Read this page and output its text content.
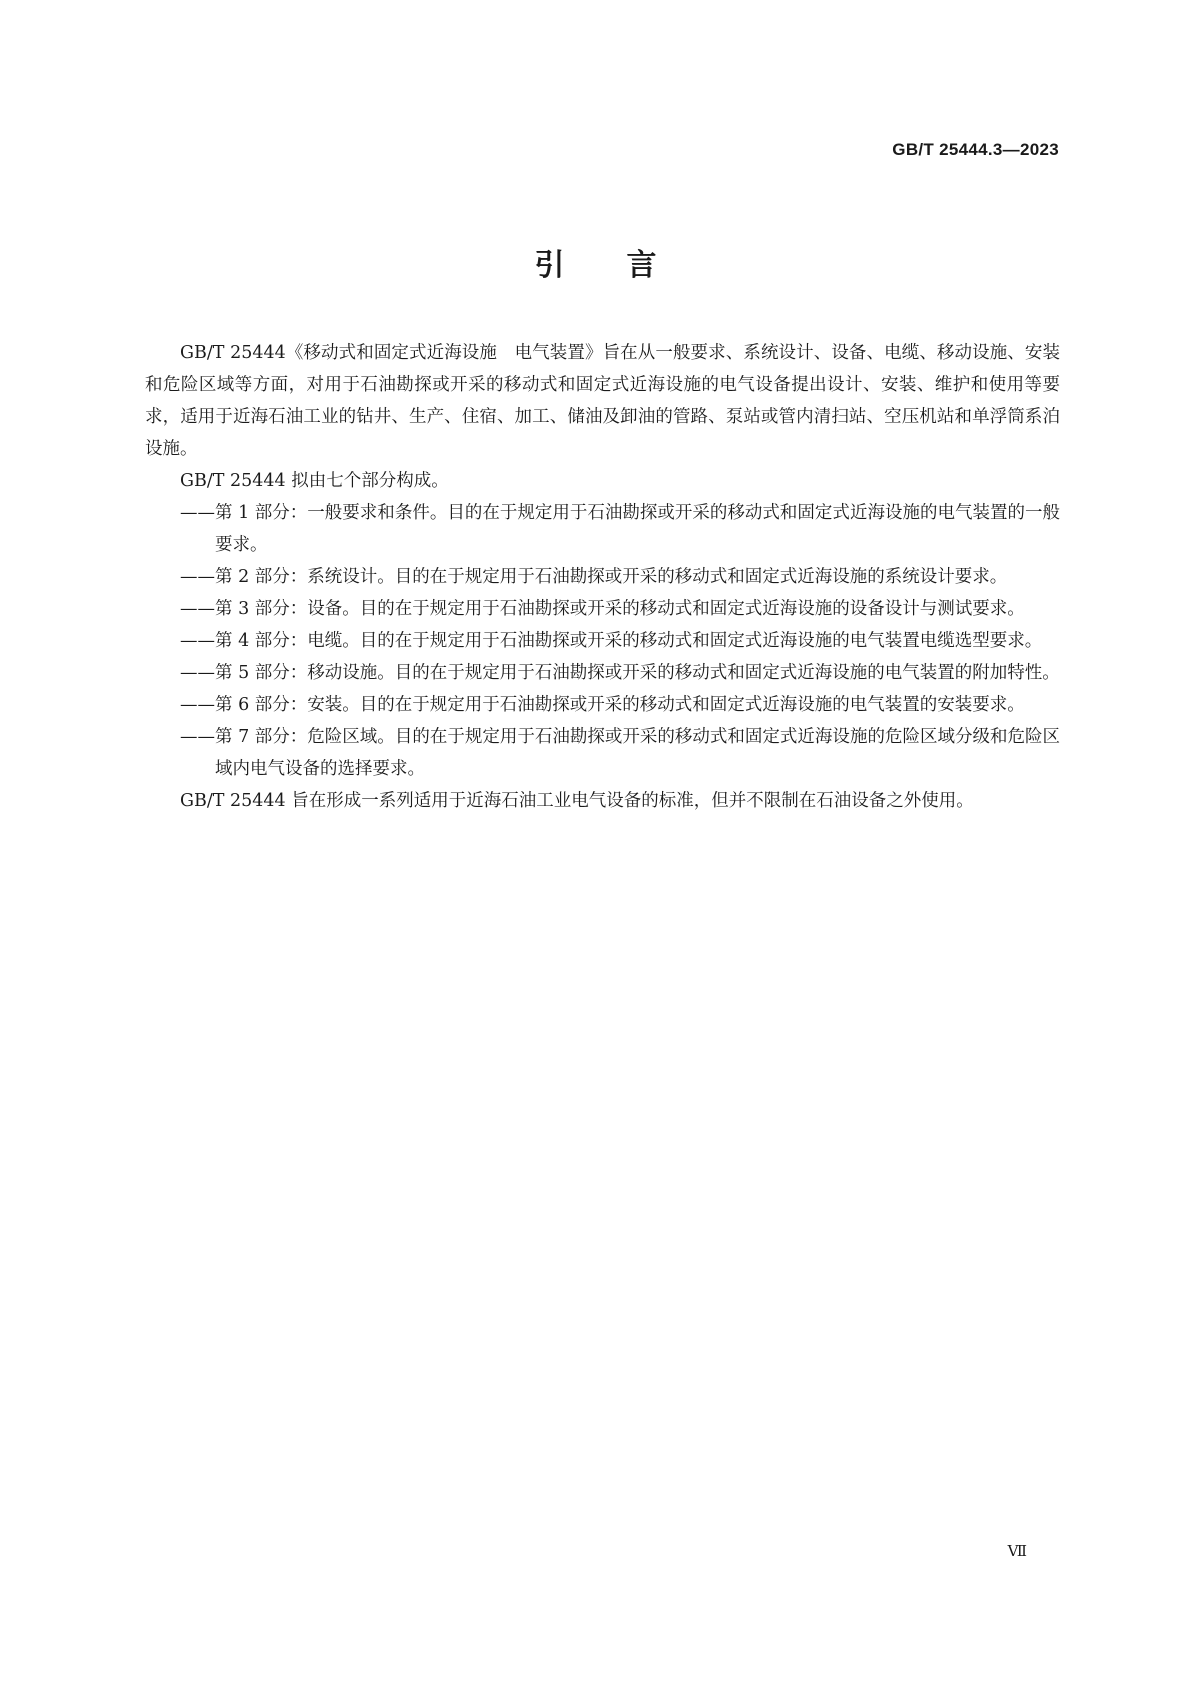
GB/T 25444.3—2023
引言

GB/T 25444《移动式和固定式近海设施　电气装置》旨在从一般要求、系统设计、设备、电缆、移动设施、安装和危险区域等方面，对用于石油勘探或开采的移动式和固定式近海设施的电气设备提出设计、安装、维护和使用等要求，适用于近海石油工业的钻井、生产、住宿、加工、储油及卸油的管路、泵站或管内清扫站、空压机站和单浮筒系泊设施。

GB/T 25444 拟由七个部分构成。

——第 1 部分：一般要求和条件。目的在于规定用于石油勘探或开采的移动式和固定式近海设施的电气装置的一般要求。

——第 2 部分：系统设计。目的在于规定用于石油勘探或开采的移动式和固定式近海设施的系统设计要求。

——第 3 部分：设备。目的在于规定用于石油勘探或开采的移动式和固定式近海设施的设备设计与测试要求。

——第 4 部分：电缆。目的在于规定用于石油勘探或开采的移动式和固定式近海设施的电气装置电缆选型要求。

——第 5 部分：移动设施。目的在于规定用于石油勘探或开采的移动式和固定式近海设施的电气装置的附加特性。

——第 6 部分：安装。目的在于规定用于石油勘探或开采的移动式和固定式近海设施的电气装置的安装要求。

——第 7 部分：危险区域。目的在于规定用于石油勘探或开采的移动式和固定式近海设施的危险区域分级和危险区域内电气设备的选择要求。

GB/T 25444 旨在形成一系列适用于近海石油工业电气设备的标准，但并不限制在石油设备之外使用。

Ⅶ
